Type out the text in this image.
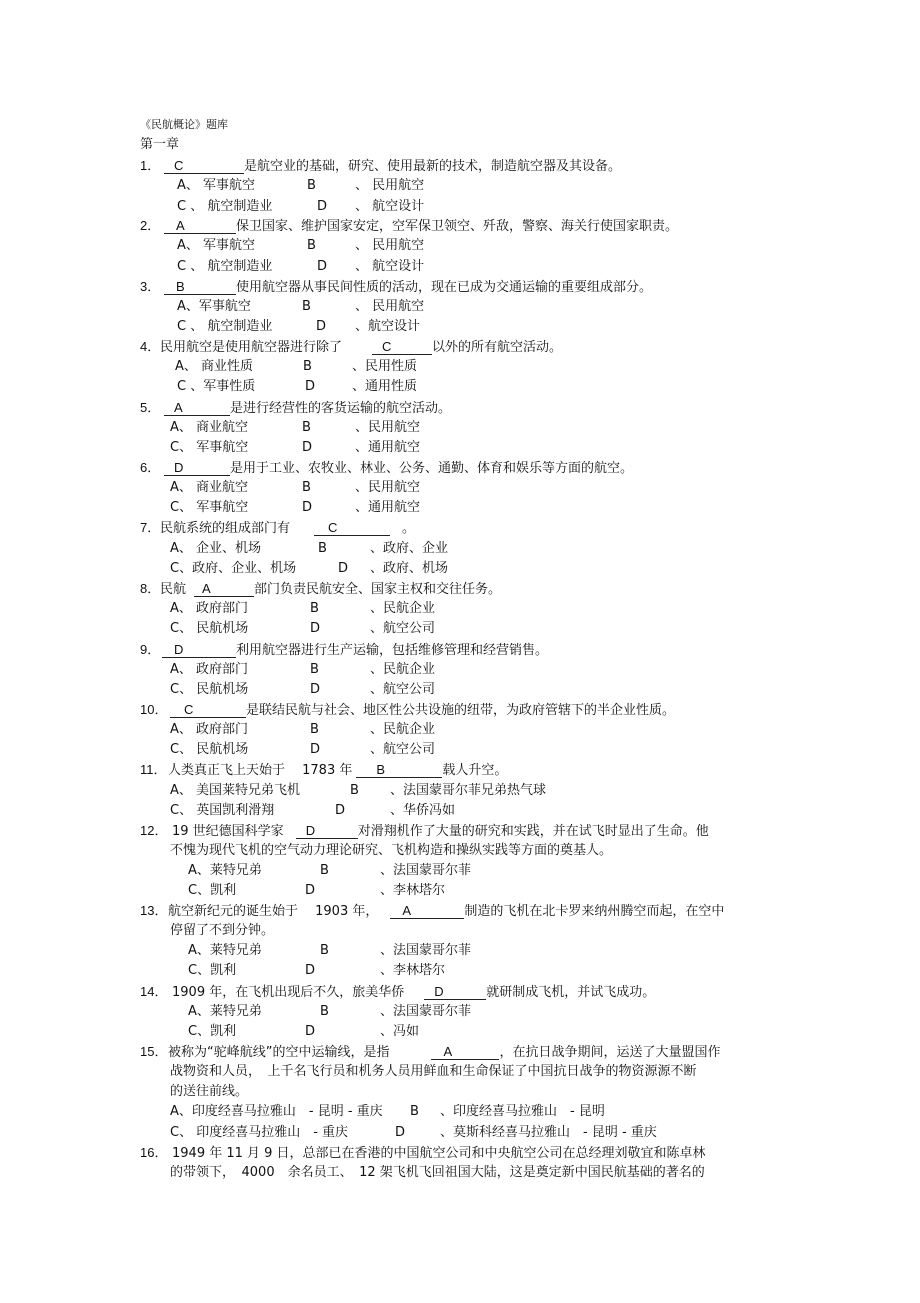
《民航概论》题库
第一章
1． C	是航空业的基础，研究、使用最新的技术，制造航空器及其设备。
A、 军事航空	B	、 民用航空
C 、 航空制造业	D 、 航空设计
2． A	保卫国家、维护国家安定，空军保卫领空、歼敌，警察、海关行使国家职责。
A、 军事航空	B	、 民用航空
C 、 航空制造业	D 、 航空设计
3． B	使用航空器从事民间性质的活动，现在已成为交通运输的重要组成部分。
A、军事航空	B	、 民用航空
C 、 航空制造业	D 、航空设计
4．民用航空是使用航空器进行除了	C	以外的所有航空活动。
A、 商业性质	B	、民用性质
C 、军事性质	D	、通用性质
5． A	是进行经营性的客货运输的航空活动。
A、 商业航空	B	、民用航空
C、 军事航空	D	、通用航空
6． D	是用于工业、农牧业、林业、公务、通勤、体育和娱乐等方面的航空。
A、 商业航空	B	、民用航空
C、 军事航空	D	、通用航空
7．民航系统的组成部门有	C	。
A、 企业、机场	B	、政府、企业
C、政府、企业、机场	D 、政府、机场
8．民航 A	部门负责民航安全、国家主权和交往任务。
A、 政府部门	B	、民航企业
C、 民航机场	D	、航空公司
9． D	利用航空器进行生产运输，包括维修管理和经营销售。
A、 政府部门	B	、民航企业
C、 民航机场	D	、航空公司
10． C	是联结民航与社会、地区性公共设施的纽带，为政府管辖下的半企业性质。
A、 政府部门	B	、民航企业
C、 民航机场	D	、航空公司
11． 人类真正飞上天始于　 1783 年 B	载人升空。
A、 美国莱特兄弟飞机	B 、法国蒙哥尔菲兄弟热气球
C、 英国凯利滑翔	D	、华侨冯如
12． 19 世纪德国科学家 D	对滑翔机作了大量的研究和实践，并在试飞时显出了生命。他
不愧为现代飞机的空气动力理论研究、飞机构造和操纵实践等方面的奠基人。
A、莱特兄弟	B	、法国蒙哥尔菲
C、凯利	D	、李林塔尔
13．航空新纪元的诞生始于　 1903 年， A	制造的飞机在北卡罗来纳州腾空而起，在空中
停留了不到分钟。
A、莱特兄弟	B	、法国蒙哥尔菲
C、凯利	D	、李林塔尔
14． 1909 年，在飞机出现后不久，旅美华侨 D	就研制成飞机，并试飞成功。
A、莱特兄弟	B	、法国蒙哥尔菲
C、凯利	D	、冯如
15．被称为“驼峰航线”的空中运输线，是指	A	，在抗日战争期间，运送了大量盟国作
战物资和人员，　上千名飞行员和机务人员用鲜血和生命保证了中国抗日战争的物资源源不断
的送往前线。
A、印度经喜马拉雅山　- 昆明 - 重庆 B 、印度经喜马拉雅山　- 昆明
C、 印度经喜马拉雅山　- 重庆	D	、莫斯科经喜马拉雅山　- 昆明 - 重庆
16． 1949 年 11 月 9 日，总部已在香港的中国航空公司和中央航空公司在总经理刘敬宜和陈卓林
的带领下，　4000　余名员工、　12 架飞机飞回祖国大陆，这是奠定新中国民航基础的著名的
